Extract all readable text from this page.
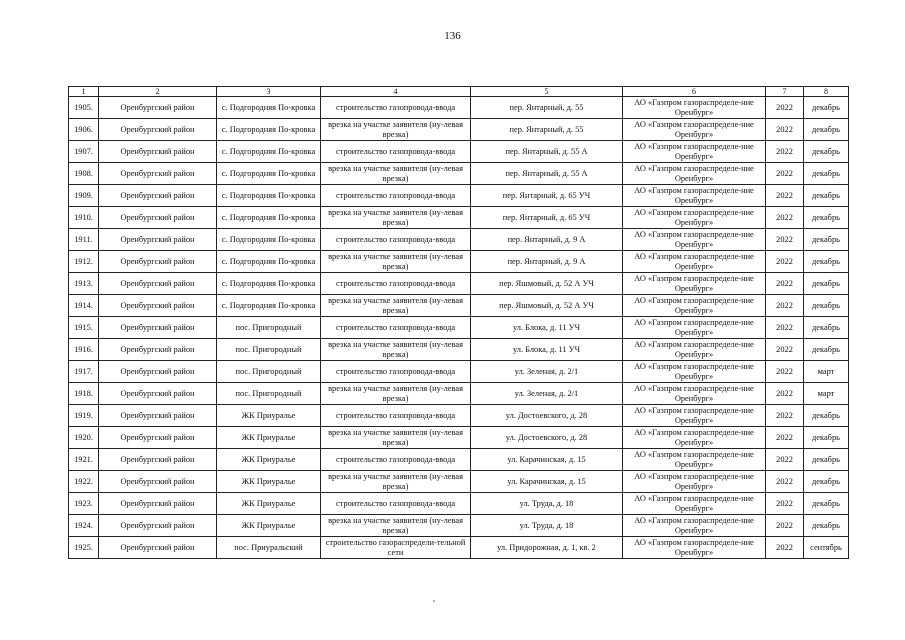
136
1	2	3	4	5	6	7	8
1905.	Оренбургский район	с. Подгородняя По-кровка	строительство газопровода-ввода	пер. Янтарный, д. 55	АО «Газпром газораспределе-ние Оренбург»	2022	декабрь
1906.	Оренбургский район	с. Подгородняя По-кровка	врезка на участке заявителя (ну-левая врезка)	пер. Янтарный, д. 55	АО «Газпром газораспределе-ние Оренбург»	2022	декабрь
1907.	Оренбургский район	с. Подгородняя По-кровка	строительство газопровода-ввода	пер. Янтарный, д. 55 А	АО «Газпром газораспределе-ние Оренбург»	2022	декабрь
1908.	Оренбургский район	с. Подгородняя По-кровка	врезка на участке заявителя (ну-левая врезка)	пер. Янтарный, д. 55 А	АО «Газпром газораспределе-ние Оренбург»	2022	декабрь
1909.	Оренбургский район	с. Подгородняя По-кровка	строительство газопровода-ввода	пер. Янтарный, д. 65 УЧ	АО «Газпром газораспределе-ние Оренбург»	2022	декабрь
1910.	Оренбургский район	с. Подгородняя По-кровка	врезка на участке заявителя (ну-левая врезка)	пер. Янтарный, д. 65 УЧ	АО «Газпром газораспределе-ние Оренбург»	2022	декабрь
1911.	Оренбургский район	с. Подгородняя По-кровка	строительство газопровода-ввода	пер. Янтарный, д. 9 А	АО «Газпром газораспределе-ние Оренбург»	2022	декабрь
1912.	Оренбургский район	с. Подгородняя По-кровка	врезка на участке заявителя (ну-левая врезка)	пер. Янтарный, д. 9 А	АО «Газпром газораспределе-ние Оренбург»	2022	декабрь
1913.	Оренбургский район	с. Подгородняя По-кровка	строительство газопровода-ввода	пер. Яшмовый, д. 52 А УЧ	АО «Газпром газораспределе-ние Оренбург»	2022	декабрь
1914.	Оренбургский район	с. Подгородняя По-кровка	врезка на участке заявителя (ну-левая врезка)	пер. Яшмовый, д. 52 А УЧ	АО «Газпром газораспределе-ние Оренбург»	2022	декабрь
1915.	Оренбургский район	пос. Пригородный	строительство газопровода-ввода	ул. Блока, д. 11 УЧ	АО «Газпром газораспределе-ние Оренбург»	2022	декабрь
1916.	Оренбургский район	пос. Пригородный	врезка на участке заявителя (ну-левая врезка)	ул. Блока, д. 11 УЧ	АО «Газпром газораспределе-ние Оренбург»	2022	декабрь
1917.	Оренбургский район	пос. Пригородный	строительство газопровода-ввода	ул. Зеленая, д. 2/1	АО «Газпром газораспределе-ние Оренбург»	2022	март
1918.	Оренбургский район	пос. Пригородный	врезка на участке заявителя (ну-левая врезка)	ул. Зеленая, д. 2/1	АО «Газпром газораспределе-ние Оренбург»	2022	март
1919.	Оренбургский район	ЖК Приуралье	строительство газопровода-ввода	ул. Достоевского, д. 28	АО «Газпром газораспределе-ние Оренбург»	2022	декабрь
1920.	Оренбургский район	ЖК Приуралье	врезка на участке заявителя (ну-левая врезка)	ул. Достоевского, д. 28	АО «Газпром газораспределе-ние Оренбург»	2022	декабрь
1921.	Оренбургский район	ЖК Приуралье	строительство газопровода-ввода	ул. Карачинская, д. 15	АО «Газпром газораспределе-ние Оренбург»	2022	декабрь
1922.	Оренбургский район	ЖК Приуралье	врезка на участке заявителя (ну-левая врезка)	ул. Карачинская, д. 15	АО «Газпром газораспределе-ние Оренбург»	2022	декабрь
1923.	Оренбургский район	ЖК Приуралье	строительство газопровода-ввода	ул. Труда, д. 18	АО «Газпром газораспределе-ние Оренбург»	2022	декабрь
1924.	Оренбургский район	ЖК Приуралье	врезка на участке заявителя (ну-левая врезка)	ул. Труда, д. 18	АО «Газпром газораспределе-ние Оренбург»	2022	декабрь
1925.	Оренбургский район	пос. Приуральский	строительство газораспредели-тельной сети	ул. Придорожная, д. 1, кв. 2	АО «Газпром газораспределе-ние Оренбург»	2022	сентябрь
